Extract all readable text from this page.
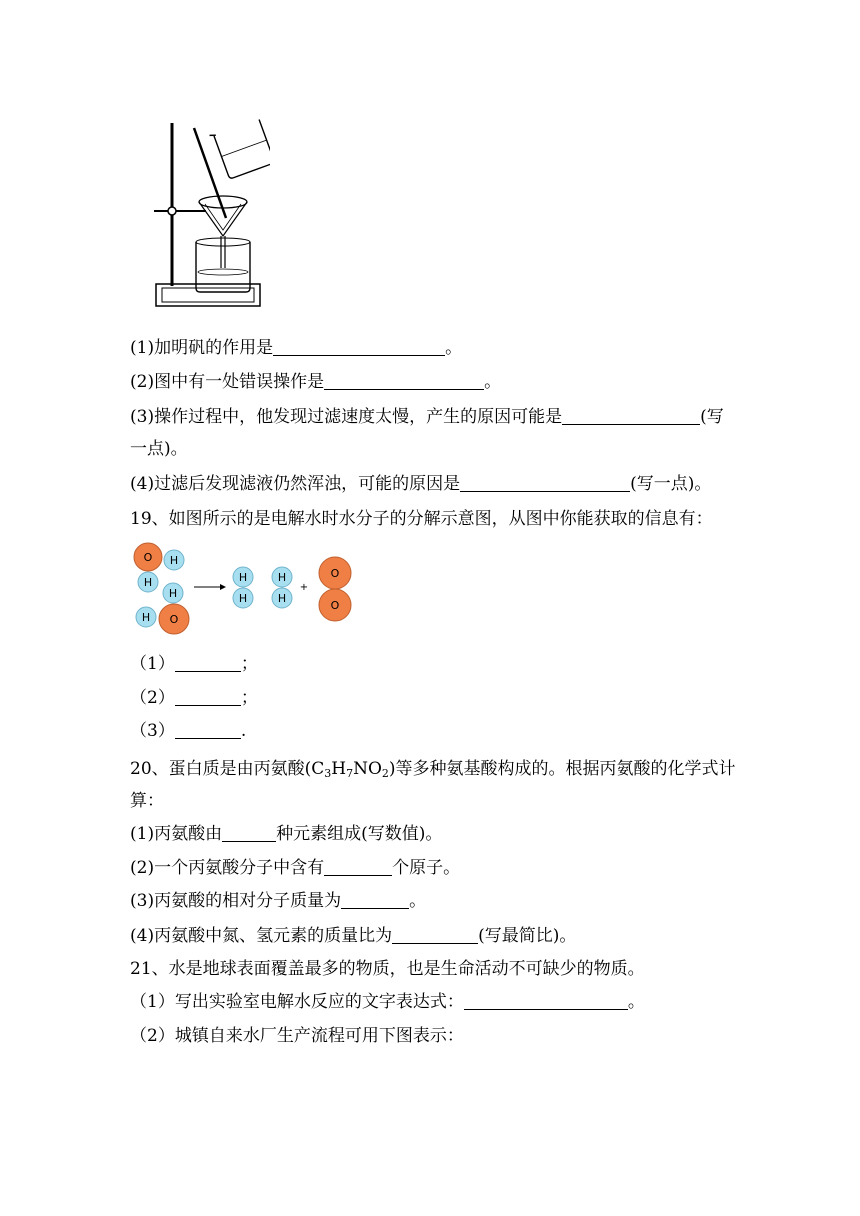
(1)加明矾的作用是	。
(2)图中有一处错误操作是	。
(3)操作过程中，他发现过滤速度太慢，产生的原因可能是	(写
一点)。
(4)过滤后发现滤液仍然浑浊，可能的原因是	(写一点)。
19、如图所示的是电解水时水分子的分解示意图，从图中你能获取的信息有：
O H
H
H
H O
H
H
H
H
+
O
O
（1）	；
（2）	；
（3）	.
20、蛋白质是由丙氨酸$(C_3H_7NO_2)$等多种氨基酸构成的。根据丙氨酸的化学式计
算：
(1)丙氨酸由	种元素组成(写数值)。
(2)一个丙氨酸分子中含有	个原子。
(3)丙氨酸的相对分子质量为	。
(4)丙氨酸中氮、氢元素的质量比为	(写最简比)。
21、水是地球表面覆盖最多的物质，也是生命活动不可缺少的物质。
（1）写出实验室电解水反应的文字表达式：	。
（2）城镇自来水厂生产流程可用下图表示：
